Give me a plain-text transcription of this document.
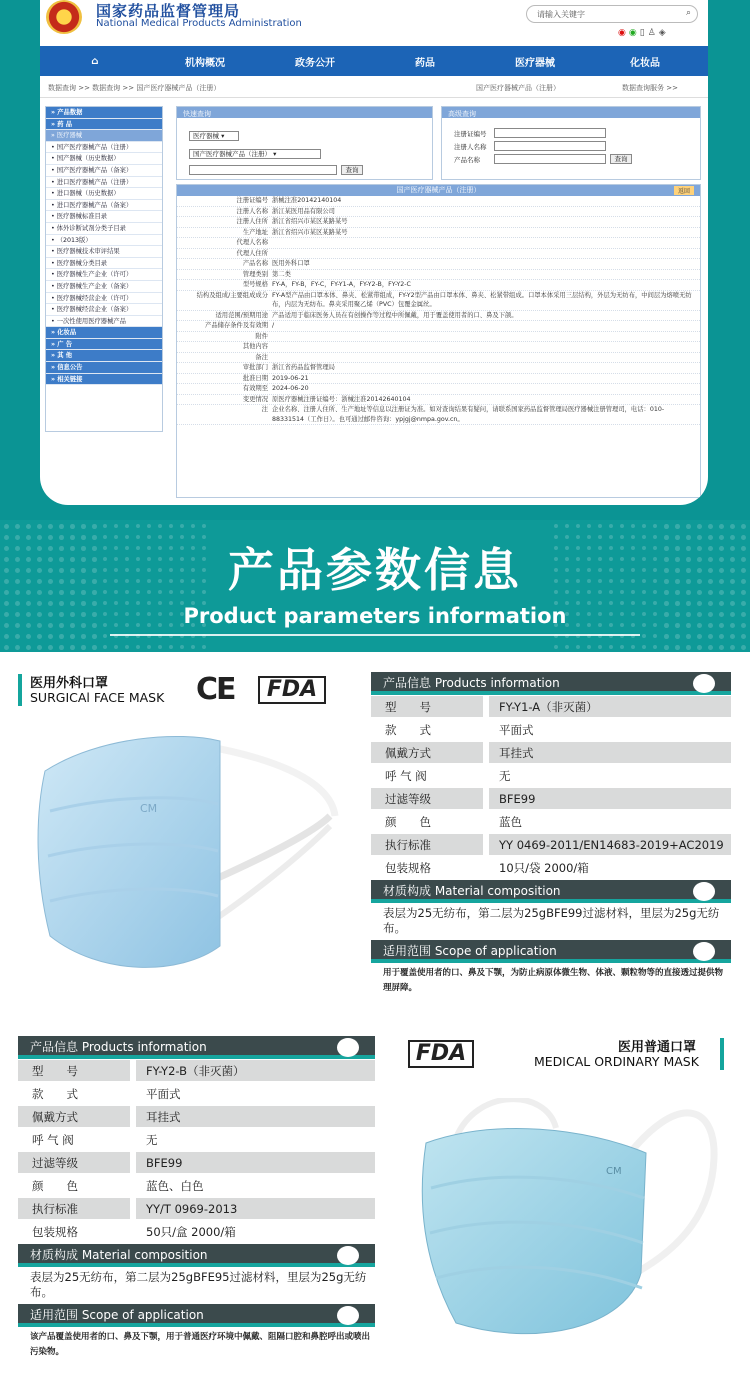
国家药品监督管理局
National Medical Products Administration
请输入关键字	⌕
◉◉▯♙◈
⌂	机构概况	政务公开	药品	医疗器械	化妆品
数据查询 >> 数据查询 >> 国产医疗器械产品（注册）	国产医疗器械产品（注册）	数据查询服务 >>
» 产品数据
» 药 品
» 医疗器械
• 国产医疗器械产品（注册）
• 国产器械（历史数据）
• 国产医疗器械产品（备案）
• 进口医疗器械产品（注册）
• 进口器械（历史数据）
• 进口医疗器械产品（备案）
• 医疗器械标准目录
• 体外诊断试剂分类子目录
• （2013版）
• 医疗器械技术审评结果
• 医疗器械分类目录
• 医疗器械生产企业（许可）
• 医疗器械生产企业（备案）
• 医疗器械经营企业（许可）
• 医疗器械经营企业（备案）
• 一次性使用医疗器械产品
» 化妆品
» 广 告
» 其 他
» 信息公告
» 相关链接
快速查询
医疗器械 ▾
国产医疗器械产品（注册） ▾
查询
高级查询
注册证编号
注册人名称
产品名称	查询
国产医疗器械产品（注册）	返回
注册证编号 浙械注准20142140104
注册人名称 浙江某医用品有限公司
注册人住所 浙江省绍兴市某区某路某号
生产地址 浙江省绍兴市某区某路某号
代理人名称
代理人住所
产品名称 医用外科口罩
管理类别 第二类
型号规格 FY-A，FY-B，FY-C，FY-Y1-A，FY-Y2-B，FY-Y2-C
结构及组成/主要组成成分 FY-A型产品由口罩本体、鼻夹、松紧带组成，FY-Y2型产品由口罩本体、鼻夹、松紧带组成。口罩本体采用三层结构，外层为无纺布，中间层为熔喷无纺布，内层为无纺布。鼻夹采用聚乙烯（PVC）包覆金属丝。
适用范围/预期用途 产品适用于临床医务人员在有创操作等过程中所佩戴，用于覆盖使用者的口、鼻及下颌。
产品储存条件及有效期 /
附件
其他内容
备注
审批部门 浙江省药品监督管理局
批准日期 2019-06-21
有效期至 2024-06-20
变更情况 原医疗器械注册证编号：浙械注准20142640104
注 企业名称、注册人住所、生产地址等信息以注册证为准。如对查询结果有疑问，请联系国家药品监督管理局医疗器械注册管理司，电话：010-88331514（工作日）。也可通过邮件咨询：ypjgj@nmpa.gov.cn。
产品参数信息
Product parameters information
医用外科口罩
SURGICAl FACE MASK CE	FDA
CM
产品信息 Products information
型　　号	FY-Y1-A（非灭菌）
款　　式	平面式
佩戴方式	耳挂式
呼 气 阀	无
过滤等级	BFE99
颜　　色	蓝色
执行标准	YY 0469-2011/EN14683-2019+AC2019
包装规格	10只/袋 2000/箱
材质构成 Material composition
表层为25无纺布，第二层为25gBFE99过滤材料，里层为25g无纺布。
适用范围 Scope of application
用于覆盖使用者的口、鼻及下颚，为防止病原体微生物、体液、颗粒物等的直接透过提供物理屏障。
产品信息 Products information
型　　号	FY-Y2-B（非灭菌）
款　　式	平面式
佩戴方式	耳挂式
呼 气 阀	无
过滤等级	BFE99
颜　　色	蓝色、白色
执行标准	YY/T 0969-2013
包装规格	50只/盒 2000/箱
材质构成 Material composition
表层为25无纺布，第二层为25gBFE95过滤材料，里层为25g无纺布。
适用范围 Scope of application
该产品覆盖使用者的口、鼻及下颚，用于普通医疗环境中佩戴、阻隔口腔和鼻腔呼出或喷出污染物。
FDA	医用普通口罩
MEDICAL ORDINARY MASK
CM
